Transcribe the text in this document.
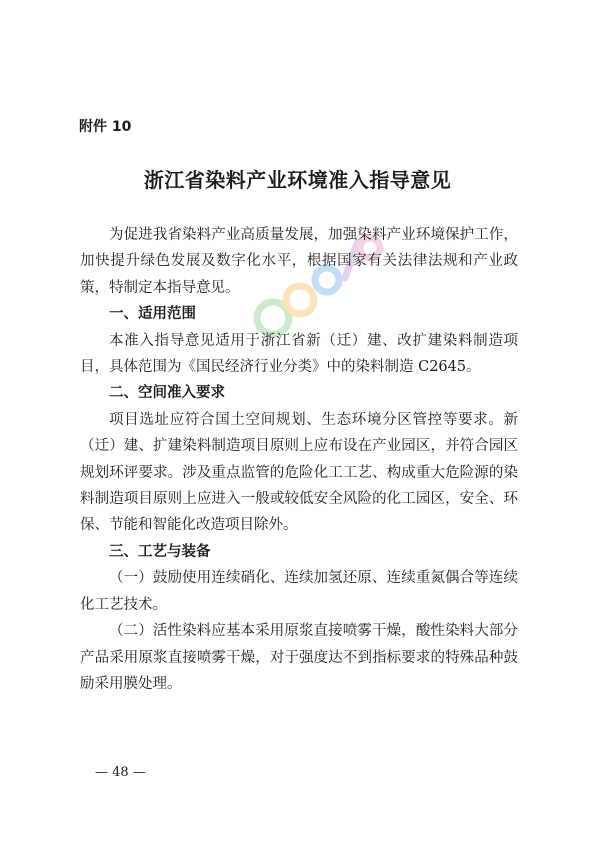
附件 10
浙江省染料产业环境准入指导意见

为促进我省染料产业高质量发展，加强染料产业环境保护工作，加快提升绿色发展及数字化水平，根据国家有关法律法规和产业政策，特制定本指导意见。

一、适用范围

本准入指导意见适用于浙江省新（迁）建、改扩建染料制造项目，具体范围为《国民经济行业分类》中的染料制造 C2645。

二、空间准入要求

项目选址应符合国土空间规划、生态环境分区管控等要求。新（迁）建、扩建染料制造项目原则上应布设在产业园区，并符合园区规划环评要求。涉及重点监管的危险化工工艺、构成重大危险源的染料制造项目原则上应进入一般或较低安全风险的化工园区，安全、环保、节能和智能化改造项目除外。

三、工艺与装备

（一）鼓励使用连续硝化、连续加氢还原、连续重氮偶合等连续化工艺技术。

（二）活性染料应基本采用原浆直接喷雾干燥，酸性染料大部分产品采用原浆直接喷雾干燥，对于强度达不到指标要求的特殊品种鼓励采用膜处理。

— 48 —
